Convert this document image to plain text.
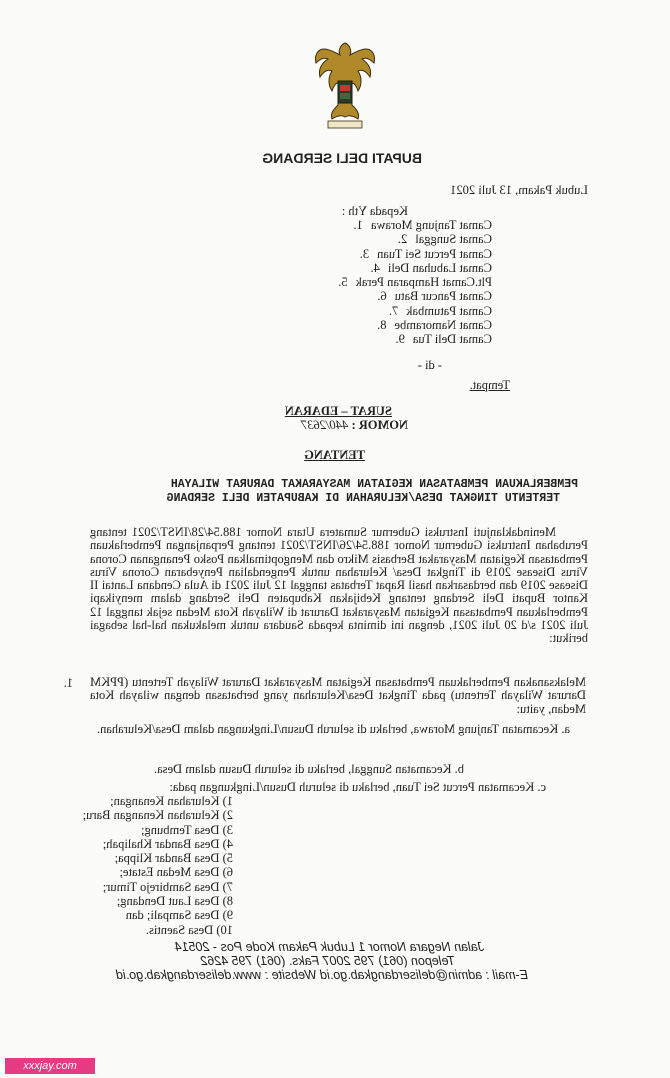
BUPATI DELI SERDANG
Lubuk Pakam, 13 Juli 2021
Kepada Yth :
Camat Tanjung Morawa1.
Camat Sunggal2.
Camat Percut Sei Tuan3.
Camat Labuhan Deli4.
Plt.Camat Hamparan Perak5.
Camat Pancur Batu6.
Camat Patumbak7.
Camat Namorambe8.
Camat Deli Tua9.
- di -
Tempat.
SURAT – EDARAN
NOMOR : 440/2637
TENTANG
PEMBERLAKUAN PEMBATASAN KEGIATAN MASYARAKAT DARURAT WILAYAH
TERTENTU TINGKAT DESA/KELURAHAN DI KABUPATEN DELI SERDANG
Menindaklanjuti Instruksi Gubernur Sumatera Utara Nomor 188.54/28/INST/2021 tentang Perubahan Instruksi Gubernur Nomor 188.54/26/INST/2021 tentang Perpanjangan Pemberlakuan Pembatasan Kegiatan Masyarakat Berbasis Mikro dan Mengoptimalkan Posko Penanganan Corona Virus Disease 2019 di Tingkat Desa/ Kelurahan untuk Pengendalian Penyebaran Corona Virus Disease 2019 dan berdasarkan hasil Rapat Terbatas tanggal 12 Juli 2021 di Aula Cendana Lantai II Kantor Bupati Deli Serdang tentang Kebijakan Kabupaten Deli Serdang dalam menyikapi Pemberlakuan Pembatasan Kegiatan Masyarakat Darurat di Wilayah Kota Medan sejak tanggal 12 Juli 2021 s/d 20 Juli 2021, dengan ini diminta kepada Saudara untuk melakukan hal-hal sebagai berikut:
1. Melaksanakan Pemberlakuan Pembatasan Kegiatan Masyarakat Darurat Wilayah Tertentu (PPKM Darurat Wilayah Tertentu) pada Tingkat Desa/Kelurahan yang berbatasan dengan wilayah Kota Medan, yaitu:
a. Kecamatan Tanjung Morawa, berlaku di seluruh Dusun/Lingkungan dalam Desa/Kelurahan.
b. Kecamatan Sunggal, berlaku di seluruh Dusun dalam Desa.
c. Kecamatan Percut Sei Tuan, berlaku di seluruh Dusun/Lingkungan pada:
1) Kelurahan Kenangan;
2) Kelurahan Kenangan Baru;
3) Desa Tembung;
4) Desa Bandar Khalipah;
5) Desa Bandar Klippa;
6) Desa Medan Estate;
7) Desa Sambirejo Timur;
8) Desa Laut Dendang;
9) Desa Sampali; dan
10) Desa Saentis.
Jalan Negara Nomor 1 Lubuk Pakam Kode Pos - 20514
Telepon (061) 795 2007 Faks. (061) 795 4262
E-mail : admin@deliserdangkab.go.id Website : www.deliserdangkab.go.id
xxxjay.com
